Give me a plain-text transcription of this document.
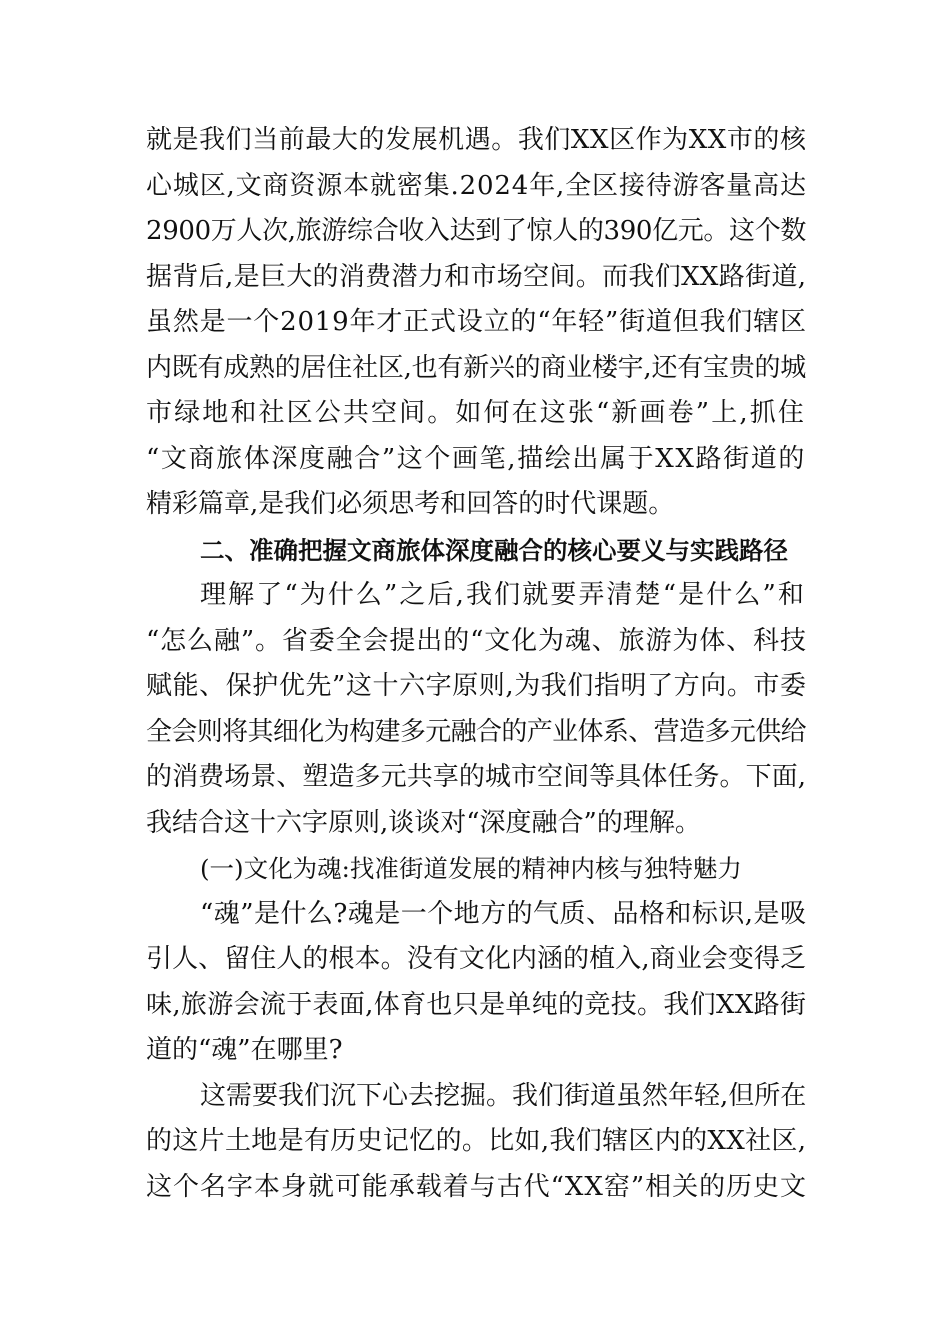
就是我们当前最大的发展机遇。我们XX区作为XX市的核
心城区,文商资源本就密集.2024年,全区接待游客量高达
2900万人次,旅游综合收入达到了惊人的390亿元。这个数
据背后,是巨大的消费潜力和市场空间。而我们XX路街道,
虽然是一个2019年才正式设立的“年轻”街道但我们辖区
内既有成熟的居住社区,也有新兴的商业楼宇,还有宝贵的城
市绿地和社区公共空间。如何在这张“新画卷”上,抓住
“文商旅体深度融合”这个画笔,描绘出属于XX路街道的
精彩篇章,是我们必须思考和回答的时代课题。
二、准确把握文商旅体深度融合的核心要义与实践路径
理解了“为什么”之后,我们就要弄清楚“是什么”和
“怎么融”。省委全会提出的“文化为魂、旅游为体、科技
赋能、保护优先”这十六字原则,为我们指明了方向。市委
全会则将其细化为构建多元融合的产业体系、营造多元供给
的消费场景、塑造多元共享的城市空间等具体任务。下面,
我结合这十六字原则,谈谈对“深度融合”的理解。
(一)文化为魂:找准街道发展的精神内核与独特魅力
“魂”是什么?魂是一个地方的气质、品格和标识,是吸
引人、留住人的根本。没有文化内涵的植入,商业会变得乏
味,旅游会流于表面,体育也只是单纯的竞技。我们XX路街
道的“魂”在哪里?
这需要我们沉下心去挖掘。我们街道虽然年轻,但所在
的这片土地是有历史记忆的。比如,我们辖区内的XX社区,
这个名字本身就可能承载着与古代“XX窑”相关的历史文
